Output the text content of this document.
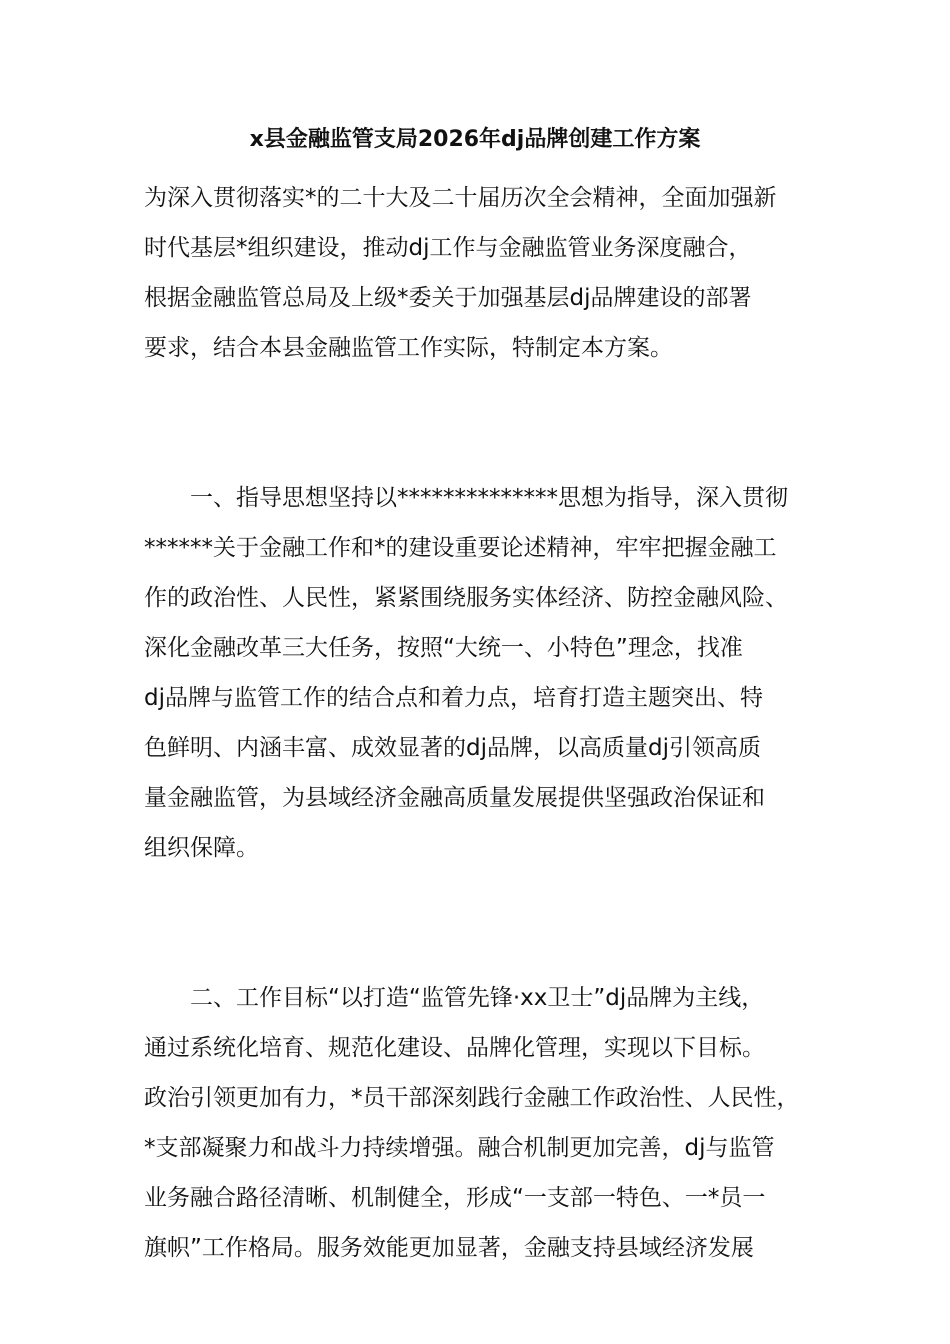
x县金融监管支局2026年dj品牌创建工作方案
为深入贯彻落实*的二十大及二十届历次全会精神，全面加强新
时代基层*组织建设，推动dj工作与金融监管业务深度融合，
根据金融监管总局及上级*委关于加强基层dj品牌建设的部署
要求，结合本县金融监管工作实际，特制定本方案。
一、指导思想坚持以**************思想为指导，深入贯彻
******关于金融工作和*的建设重要论述精神，牢牢把握金融工
作的政治性、人民性，紧紧围绕服务实体经济、防控金融风险、
深化金融改革三大任务，按照“大统一、小特色”理念，找准
dj品牌与监管工作的结合点和着力点，培育打造主题突出、特
色鲜明、内涵丰富、成效显著的dj品牌，以高质量dj引领高质
量金融监管，为县域经济金融高质量发展提供坚强政治保证和
组织保障。
二、工作目标“以打造“监管先锋·xx卫士”dj品牌为主线，
通过系统化培育、规范化建设、品牌化管理，实现以下目标。
政治引领更加有力，*员干部深刻践行金融工作政治性、人民性，
*支部凝聚力和战斗力持续增强。融合机制更加完善，dj与监管
业务融合路径清晰、机制健全，形成“一支部一特色、一*员一
旗帜”工作格局。服务效能更加显著，金融支持县域经济发展
